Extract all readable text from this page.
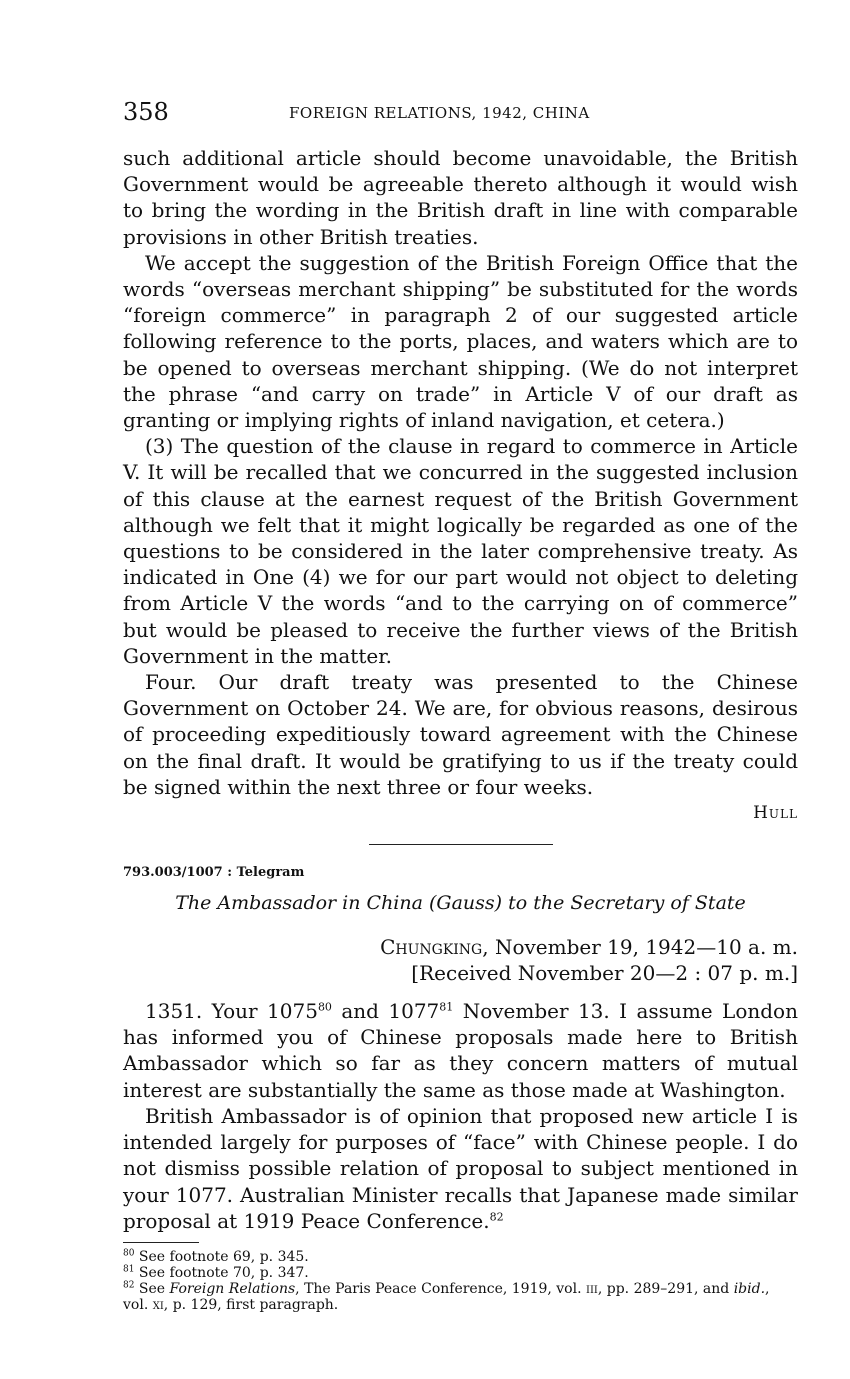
358	FOREIGN RELATIONS, 1942, CHINA

such additional article should become unavoidable, the British Government would be agreeable thereto although it would wish to bring the wording in the British draft in line with comparable provisions in other British treaties.

We accept the suggestion of the British Foreign Office that the words “overseas merchant shipping” be substituted for the words “foreign commerce” in paragraph 2 of our suggested article following reference to the ports, places, and waters which are to be opened to overseas merchant shipping. (We do not interpret the phrase “and carry on trade” in Article V of our draft as granting or implying rights of inland navigation, et cetera.)

(3) The question of the clause in regard to commerce in Article V. It will be recalled that we concurred in the suggested inclusion of this clause at the earnest request of the British Government although we felt that it might logically be regarded as one of the questions to be considered in the later comprehensive treaty. As indicated in One (4) we for our part would not object to deleting from Article V the words “and to the carrying on of commerce” but would be pleased to receive the further views of the British Government in the matter.

Four. Our draft treaty was presented to the Chinese Government on October 24. We are, for obvious reasons, desirous of proceeding expeditiously toward agreement with the Chinese on the final draft. It would be gratifying to us if the treaty could be signed within the next three or four weeks.

Hull

793.003/1007 : Telegram

The Ambassador in China (Gauss) to the Secretary of State

Chungking, November 19, 1942—10 a. m.

[Received November 20—2 : 07 p. m.]

1351. Your 1075$^{80}$ and 1077$^{81}$ November 13. I assume London has informed you of Chinese proposals made here to British Ambassador which so far as they concern matters of mutual interest are substantially the same as those made at Washington.

British Ambassador is of opinion that proposed new article I is intended largely for purposes of “face” with Chinese people. I do not dismiss possible relation of proposal to subject mentioned in your 1077. Australian Minister recalls that Japanese made similar proposal at 1919 Peace Conference.$^{82}$

$^{80}$ See footnote 69, p. 345.

$^{81}$ See footnote 70, p. 347.

$^{82}$ See Foreign Relations, The Paris Peace Conference, 1919, vol. iii, pp. 289–291, and ibid., vol. xi, p. 129, first paragraph.
